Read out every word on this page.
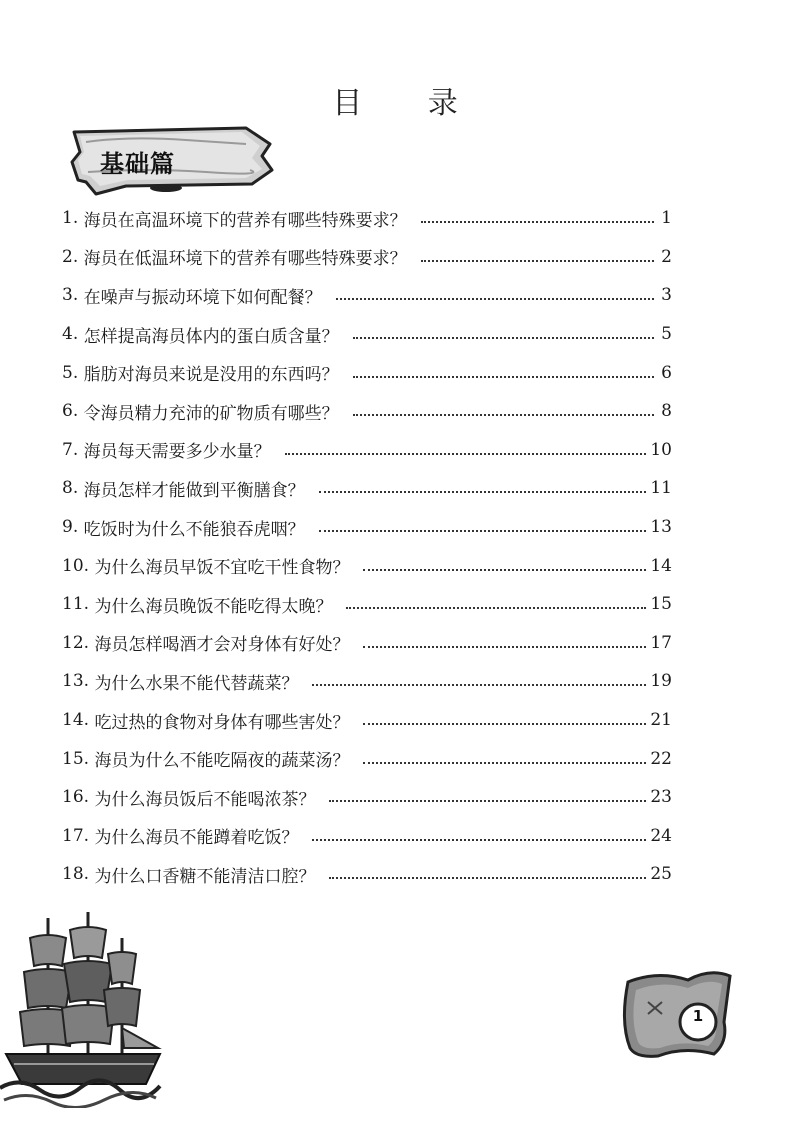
目 录
基础篇
1. 海员在高温环境下的营养有哪些特殊要求？	1
2. 海员在低温环境下的营养有哪些特殊要求？	2
3. 在噪声与振动环境下如何配餐？	3
4. 怎样提高海员体内的蛋白质含量？	5
5. 脂肪对海员来说是没用的东西吗？	6
6. 令海员精力充沛的矿物质有哪些？	8
7. 海员每天需要多少水量？	10
8. 海员怎样才能做到平衡膳食？	11
9. 吃饭时为什么不能狼吞虎咽？	13
10. 为什么海员早饭不宜吃干性食物？	14
11. 为什么海员晚饭不能吃得太晚？	15
12. 海员怎样喝酒才会对身体有好处？	17
13. 为什么水果不能代替蔬菜？	19
14. 吃过热的食物对身体有哪些害处？	21
15. 海员为什么不能吃隔夜的蔬菜汤？	22
16. 为什么海员饭后不能喝浓茶？	23
17. 为什么海员不能蹲着吃饭？	24
18. 为什么口香糖不能清洁口腔？	25
1
